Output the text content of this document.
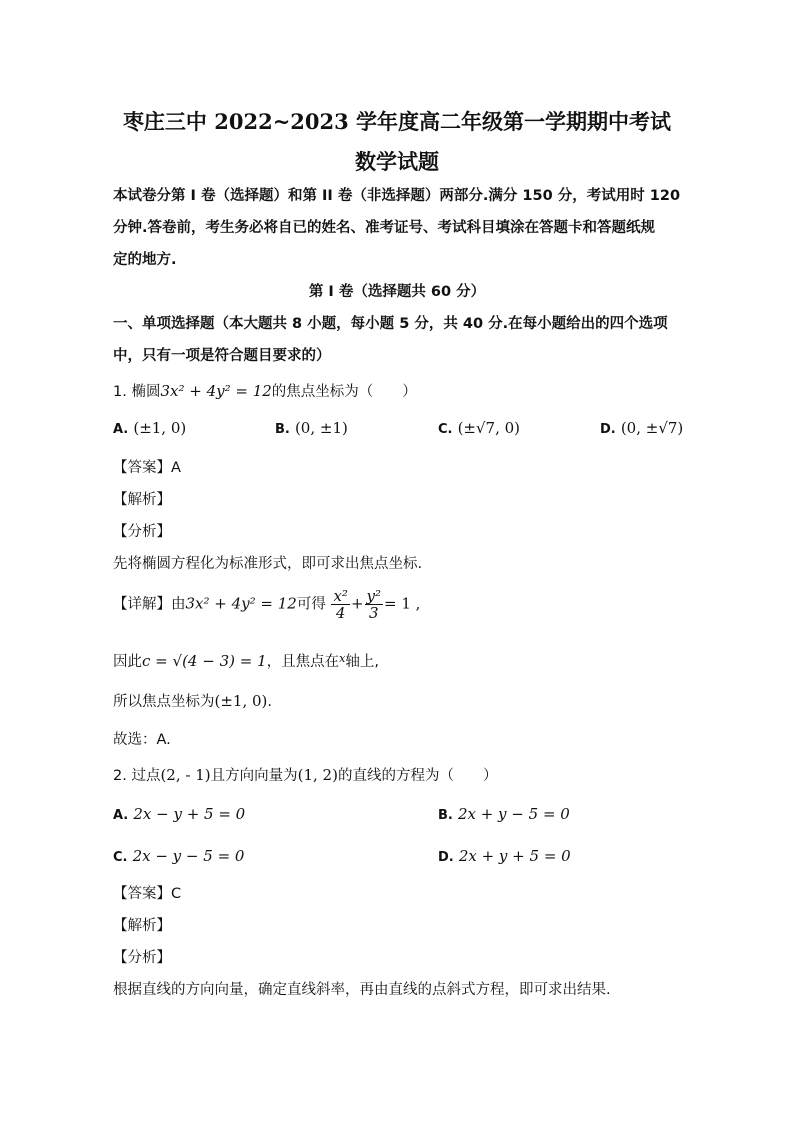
枣庄三中 2022~2023 学年度高二年级第一学期期中考试
数学试题
本试卷分第 I 卷（选择题）和第 II 卷（非选择题）两部分.满分 150 分，考试用时 120
分钟.答卷前，考生务必将自已的姓名、准考证号、考试科目填涂在答题卡和答题纸规
定的地方.
第 I 卷（选择题共 60 分）
一、单项选择题（本大题共 8 小题，每小题 5 分，共 40 分.在每小题给出的四个选项
中，只有一项是符合题目要求的）
1. 椭圆3x² + 4y² = 12的焦点坐标为（　　）
A. (±1, 0)	B. (0, ±1)	C. (±√7, 0)	D. (0, ±√7)
【答案】A
【解析】
【分析】
先将椭圆方程化为标准形式，即可求出焦点坐标.
【详解】由3x² + 4y² = 12可得 $\frac{\text{x²}}{4} + \frac{\text{y²}}{3} = 1$ ,
因此c = √(4 − 3) = 1，且焦点在$^x$轴上,
所以焦点坐标为(±1, 0).
故选：A.
2. 过点(2, - 1)且方向向量为(1, 2)的直线的方程为（　　）
A. 2x − y + 5 = 0	B. 2x + y − 5 = 0
C. 2x − y − 5 = 0	D. 2x + y + 5 = 0
【答案】C
【解析】
【分析】
根据直线的方向向量，确定直线斜率，再由直线的点斜式方程，即可求出结果.
